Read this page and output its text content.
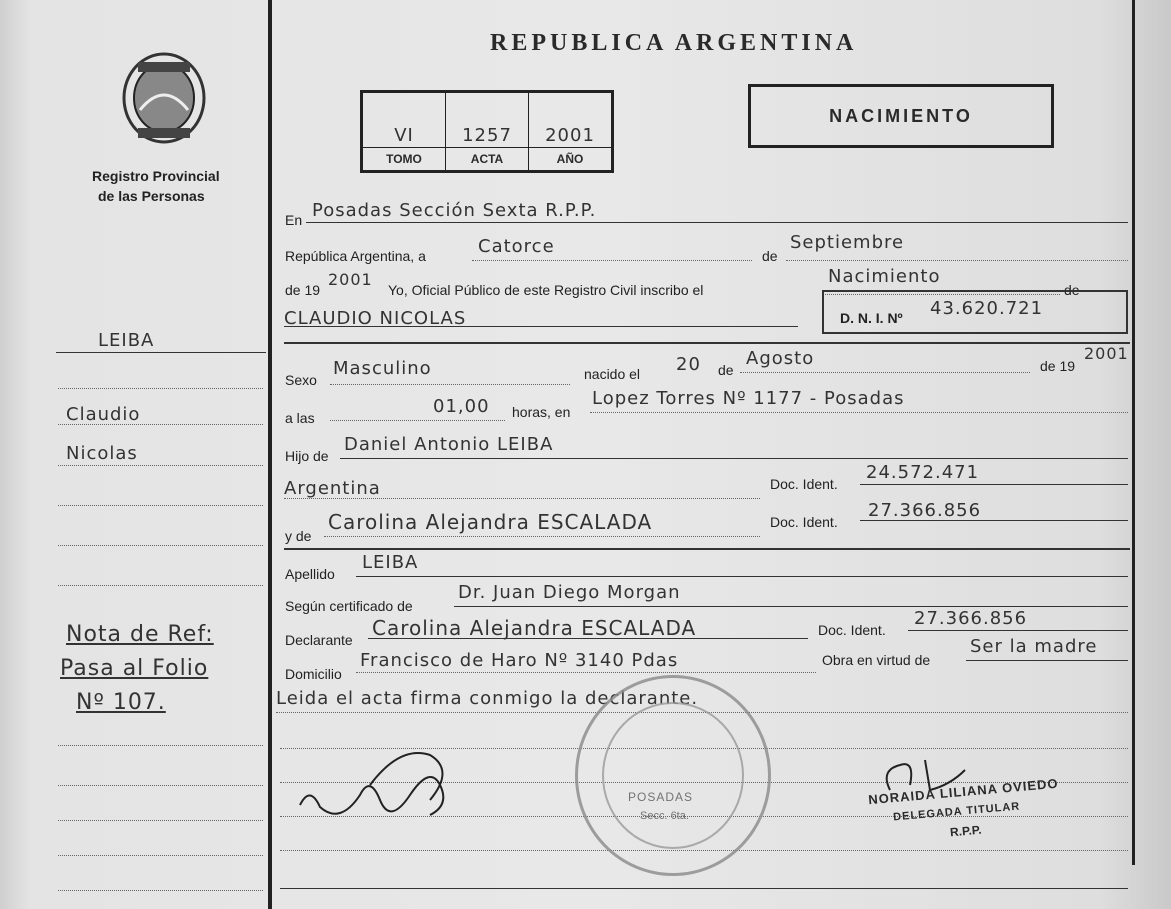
Registro Provincial
de las Personas
REPUBLICA ARGENTINA
VI	1257	2001
TOMO	ACTA	AÑO
NACIMIENTO
LEIBA
Claudio
Nicolas
Nota de Ref:
Pasa al Folio
Nº 107.
En Posadas Sección Sexta R.P.P.
República Argentina, a	Catorce	de
Septiembre
de 19
2001
Yo, Oficial Público de este Registro Civil inscribo el
Nacimiento
de
CLAUDIO NICOLAS	D. N. I. Nº 43.620.721
Sexo
Masculino	nacido el 20 de
Agosto	de 19
2001
a las
01,00 horas, en
Lopez Torres Nº 1177 - Posadas
Hijo de
Daniel Antonio LEIBA
Argentina	Doc. Ident.
24.572.471
y de
Carolina Alejandra ESCALADA	Doc. Ident.
27.366.856
Apellido
LEIBA
Según certificado de
Dr. Juan Diego Morgan
Declarante Carolina Alejandra ESCALADA	Doc. Ident.
27.366.856
Domicilio
Francisco de Haro Nº 3140 Pdas	Obra en virtud de
Ser la madre
Leida el acta firma conmigo la declarante.
POSADAS
Secc. 6ta.
NORAIDA LILIANA OVIEDO
DELEGADA TITULAR
R.P.P.
